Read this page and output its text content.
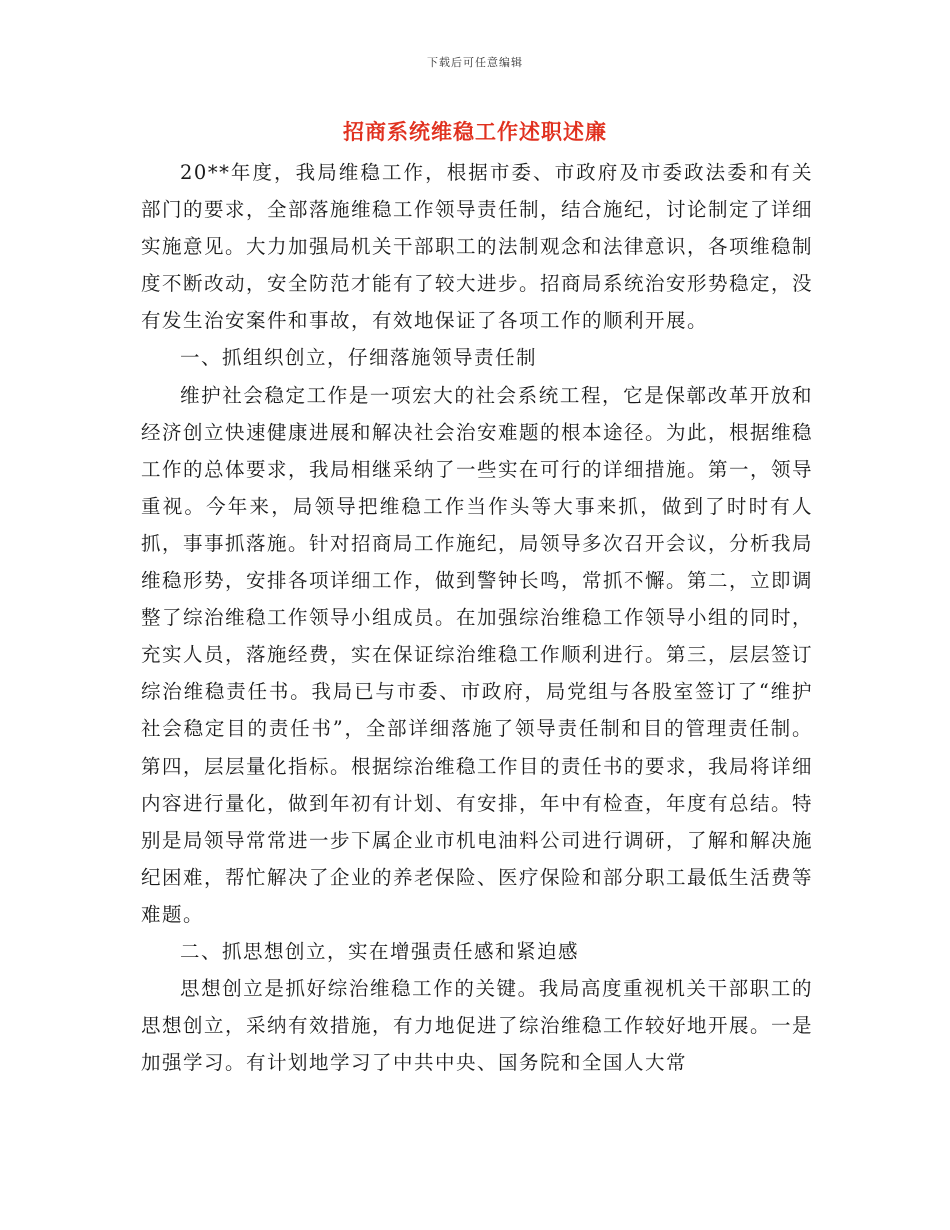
下载后可任意编辑
招商系统维稳工作述职述廉

20**年度，我局维稳工作，根据市委、市政府及市委政法委和有关部门的要求，全部落施维稳工作领导责任制，结合施纪，讨论制定了详细实施意见。大力加强局机关干部职工的法制观念和法律意识，各项维稳制度不断改动，安全防范才能有了较大进步。招商局系统治安形势稳定，没有发生治安案件和事故，有效地保证了各项工作的顺利开展。

一、抓组织创立，仔细落施领导责任制

维护社会稳定工作是一项宏大的社会系统工程，它是保鄣改革开放和经济创立快速健康进展和解决社会治安难题的根本途径。为此，根据维稳工作的总体要求，我局相继采纳了一些实在可行的详细措施。第一，领导重视。今年来，局领导把维稳工作当作头等大事来抓，做到了时时有人抓，事事抓落施。针对招商局工作施纪，局领导多次召开会议，分析我局维稳形势，安排各项详细工作，做到警钟长鸣，常抓不懈。第二，立即调整了综治维稳工作领导小组成员。在加强综治维稳工作领导小组的同时，充实人员，落施经费，实在保证综治维稳工作顺利进行。第三，层层签订综治维稳责任书。我局已与市委、市政府，局党组与各股室签订了“维护社会稳定目的责任书”，全部详细落施了领导责任制和目的管理责任制。第四，层层量化指标。根据综治维稳工作目的责任书的要求，我局将详细内容进行量化，做到年初有计划、有安排，年中有检查，年度有总结。特别是局领导常常进一步下属企业市机电油料公司进行调研，了解和解决施纪困难，帮忙解决了企业的养老保险、医疗保险和部分职工最低生活费等难题。

二、抓思想创立，实在增强责任感和紧迫感

思想创立是抓好综治维稳工作的关键。我局高度重视机关干部职工的思想创立，采纳有效措施，有力地促进了综治维稳工作较好地开展。一是加强学习。有计划地学习了中共中央、国务院和全国人大常
